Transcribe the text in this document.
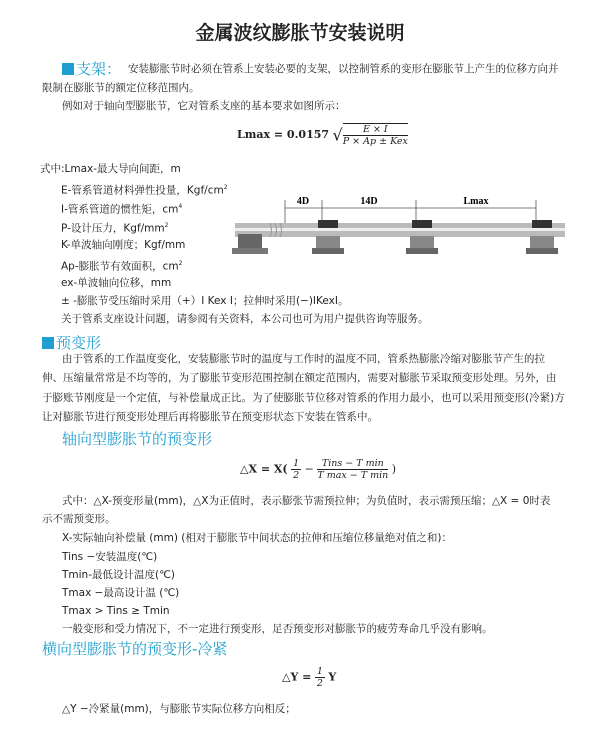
金属波纹膨胀节安装说明
支架： 安装膨胀节时必须在管系上安装必要的支架，以控制管系的变形在膨胀节上产生的位移方向并
限制在膨胀节的额定位移范围内。
例如对于轴向型膨胀节，它对管系支座的基本要求如图所示：
Lmax = 0.0157 √ $\frac{E \times I}{\text{P × Ap ± Kex}}$
式中:Lmax-最大导向间距，m
E-管系管道材料弹性投量，Kgf/$cm^2$
I-管系管道的惯性矩，$cm^4$
P-设计压力，Kgf/$mm^2$
K-单波轴向刚度；Kgf/mm
Ap-膨胀节有效面积，$cm^2$
ex-单波轴向位移，mm
± -膨胀节受压缩时采用（+）I Kex I；拉伸时采用(−)IKexI。
关于管系支座设计问题，请参阅有关资料，本公司也可为用户提供咨询等服务。
4D	14D	Lmax
预变形
由于管系的工作温度变化，安装膨胀节时的温度与工作时的温度不同，管系热膨胀冷缩对膨胀节产生的拉
伸、压缩量常常是不均等的，为了膨胀节变形范围控制在额定范围内，需要对膨胀节采取预变形处理。另外，由
于膨账节刚度是一个定值，与补偿量成正比。为了使膨胀节位移对管系的作用力最小，也可以采用预变形(冷紧)方
让对膨胀节进行预变形处理后再将膨胀节在预变形状态下安装在管系中。
轴向型膨胀节的预变形
△X = $X( \frac{1}{2} - \frac{\text{Tins − T min}}{\text{T max − T min}}$ )
式中：△X-预变形量(mm)，△X为正值时，表示膨张节需预拉伸；为负值时，表示需预压缩；△X = 0时表
示不需预变形。
X-实际轴向补偿量 (mm) (相对于膨胀节中间状态的拉伸和压缩位移量绝对值之和)：
Tins −安装温度(℃)
Tmin-最低设计温度(℃)
Tmax −最高设计温 (℃)
Tmax > Tins ≥ Tmin
一般变形和受力情况下，不一定进行预变形，足否预变形对膨胀节的疲劳寿命几乎没有影响。
横向型膨胀节的预变形-冷紧
△Y = $\frac{1}{2}$ Y
△Y −冷紧量(mm)，与膨胀节实际位移方向相反；
